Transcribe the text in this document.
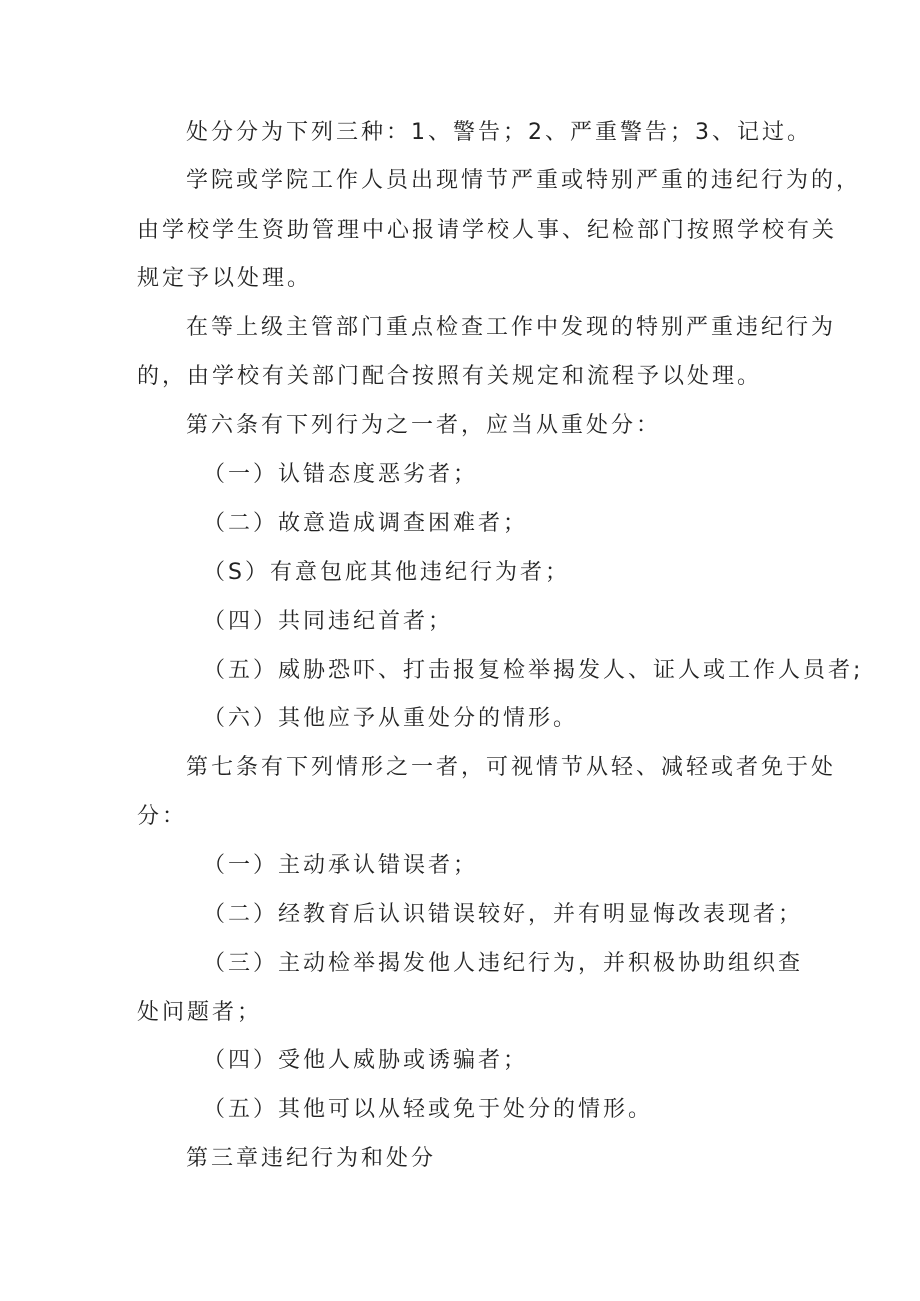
处分分为下列三种：1、警告；2、严重警告；3、记过。
学院或学院工作人员出现情节严重或特别严重的违纪行为的，
由学校学生资助管理中心报请学校人事、纪检部门按照学校有关
规定予以处理。
在等上级主管部门重点检查工作中发现的特别严重违纪行为
的，由学校有关部门配合按照有关规定和流程予以处理。
第六条有下列行为之一者，应当从重处分：
（一）认错态度恶劣者；
（二）故意造成调查困难者；
（S）有意包庇其他违纪行为者；
（四）共同违纪首者；
（五）威胁恐吓、打击报复检举揭发人、证人或工作人员者;
（六）其他应予从重处分的情形。
第七条有下列情形之一者，可视情节从轻、减轻或者免于处
分：
（一）主动承认错误者；
（二）经教育后认识错误较好，并有明显悔改表现者；
（三）主动检举揭发他人违纪行为，并积极协助组织查
处问题者；
（四）受他人威胁或诱骗者；
（五）其他可以从轻或免于处分的情形。
第三章违纪行为和处分
